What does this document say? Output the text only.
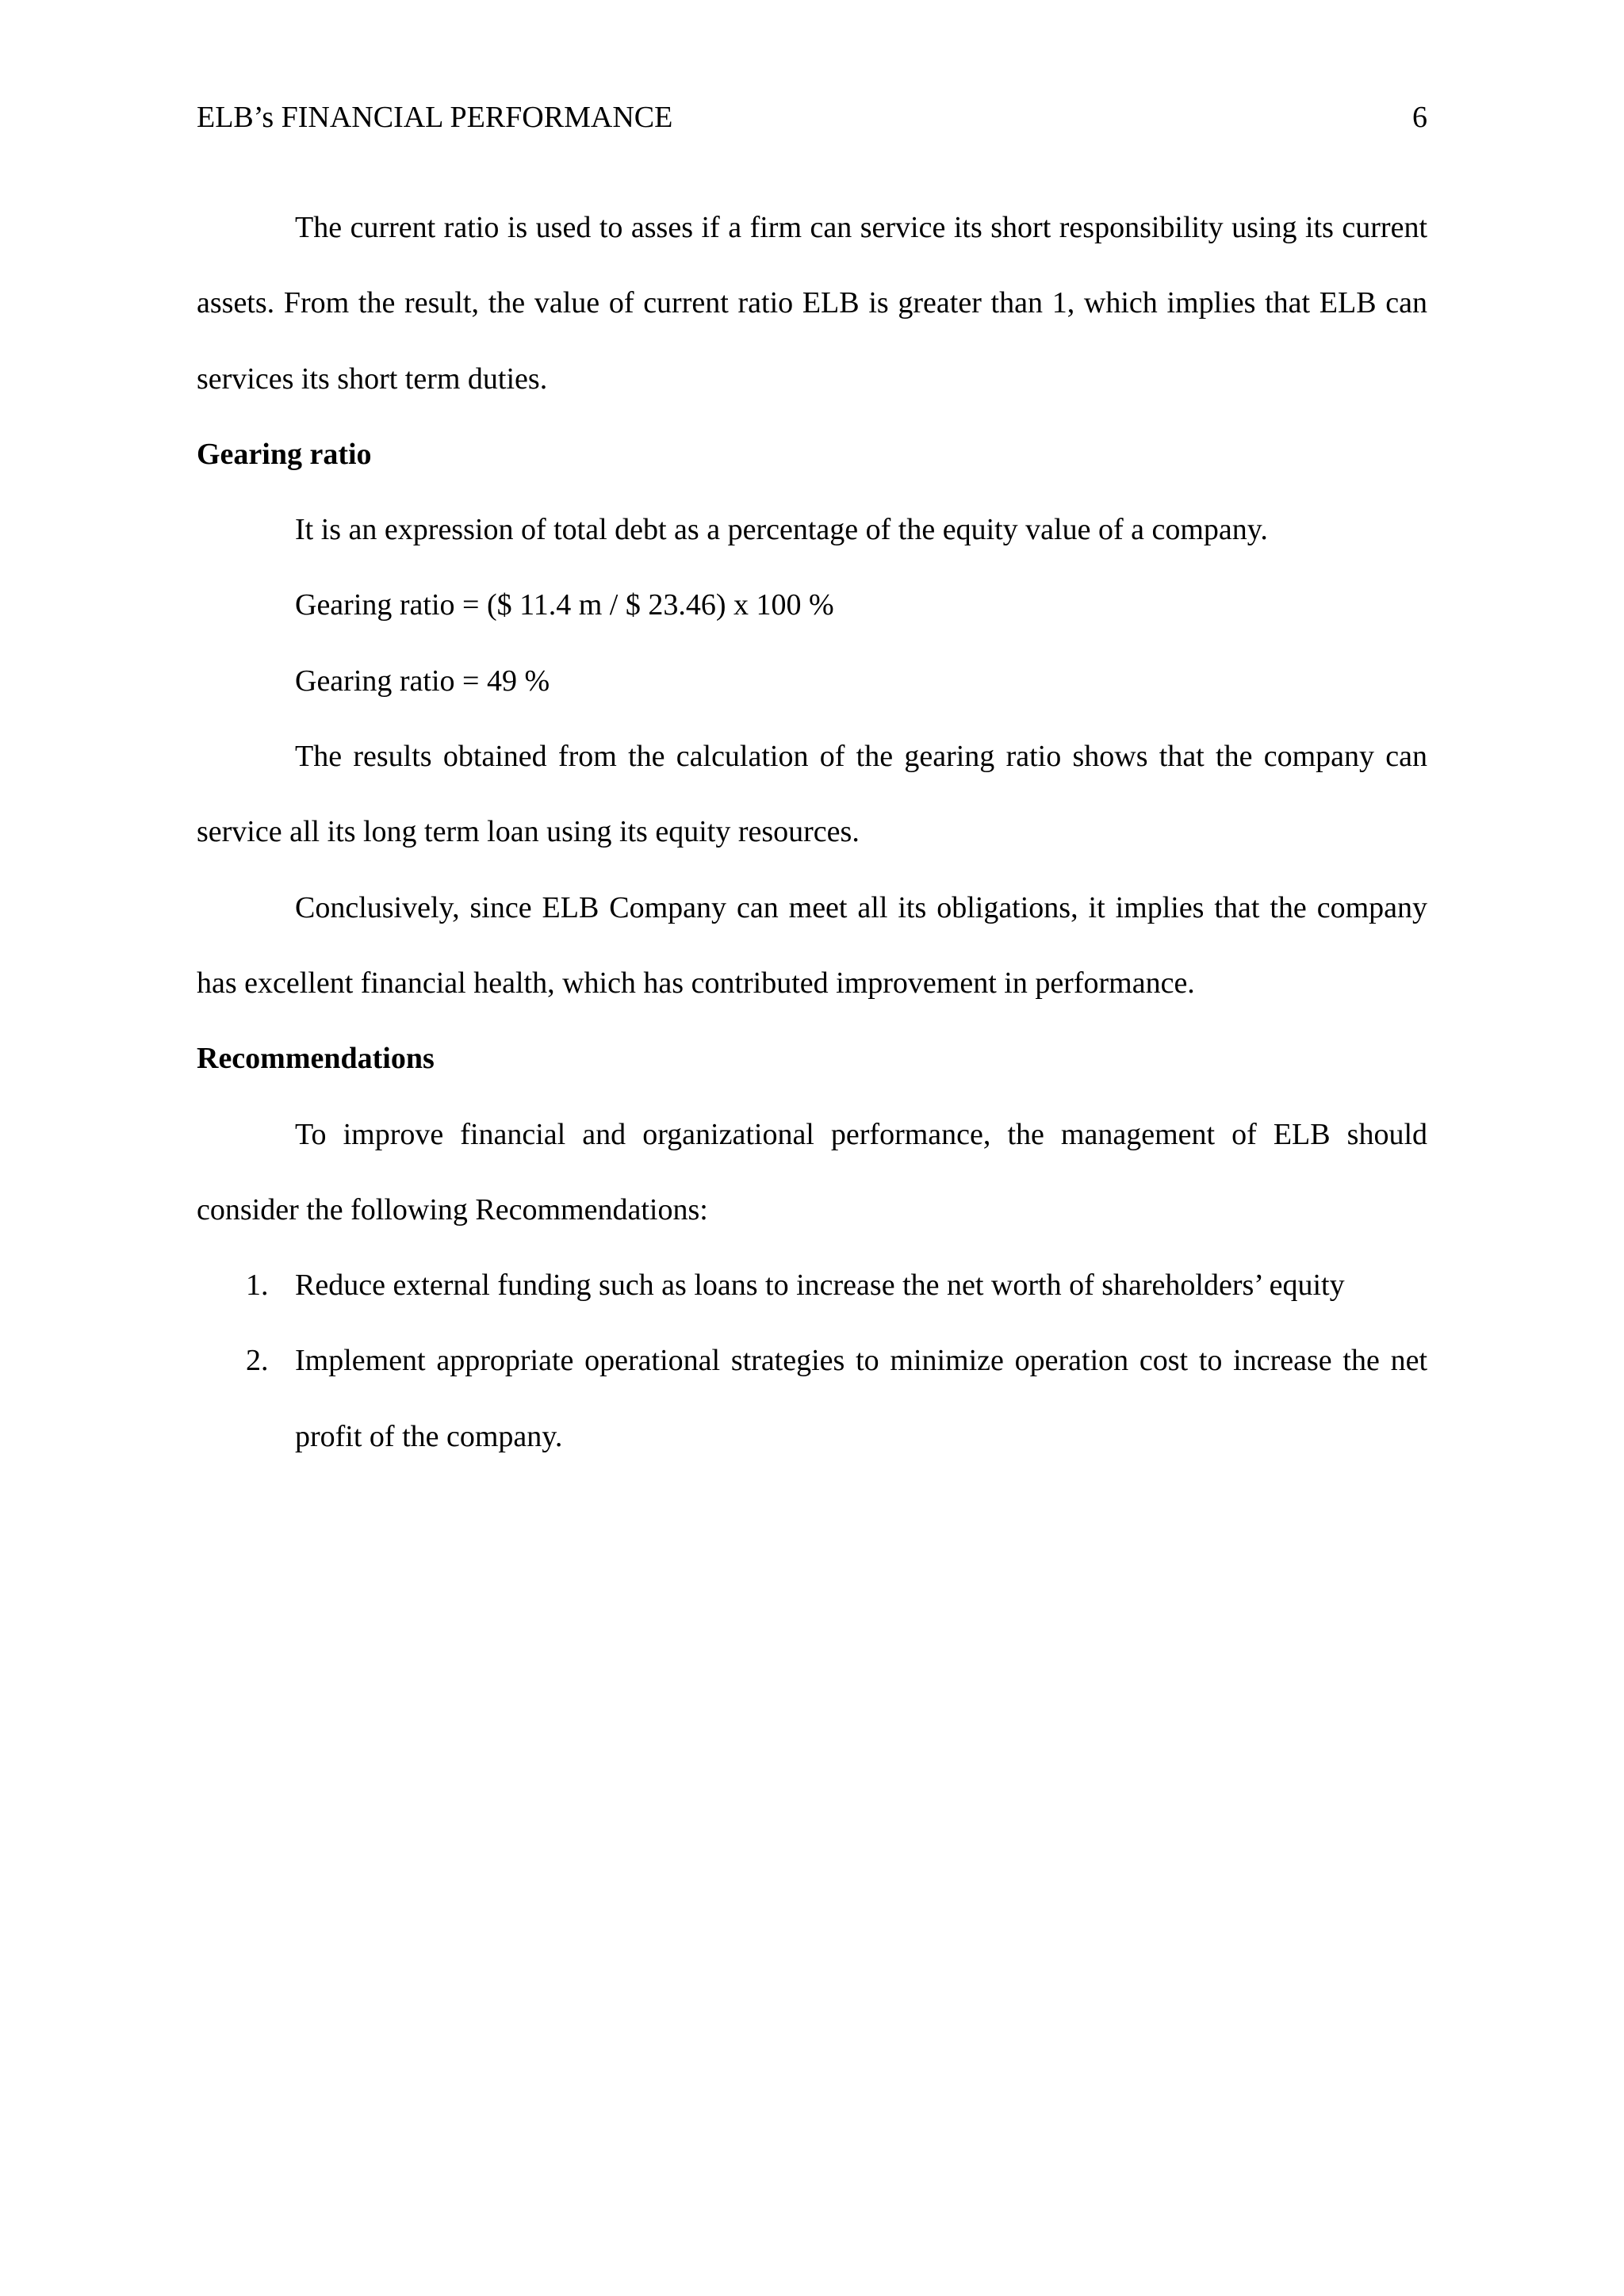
ELB’s FINANCIAL PERFORMANCE	6

The current ratio is used to asses if a firm can service its short responsibility using its current assets. From the result, the value of current ratio ELB is greater than 1, which implies that ELB can services its short term duties.

Gearing ratio

It is an expression of total debt as a percentage of the equity value of a company.

Gearing ratio = ($ 11.4 m / $ 23.46) x 100 %

Gearing ratio = 49 %

The results obtained from the calculation of the gearing ratio shows that the company can service all its long term loan using its equity resources.

Conclusively, since ELB Company can meet all its obligations, it implies that the company has excellent financial health, which has contributed improvement in performance.

Recommendations

To improve financial and organizational performance, the management of ELB should consider the following Recommendations:

1. Reduce external funding such as loans to increase the net worth of shareholders’ equity
2. Implement appropriate operational strategies to minimize operation cost to increase the net profit of the company.
